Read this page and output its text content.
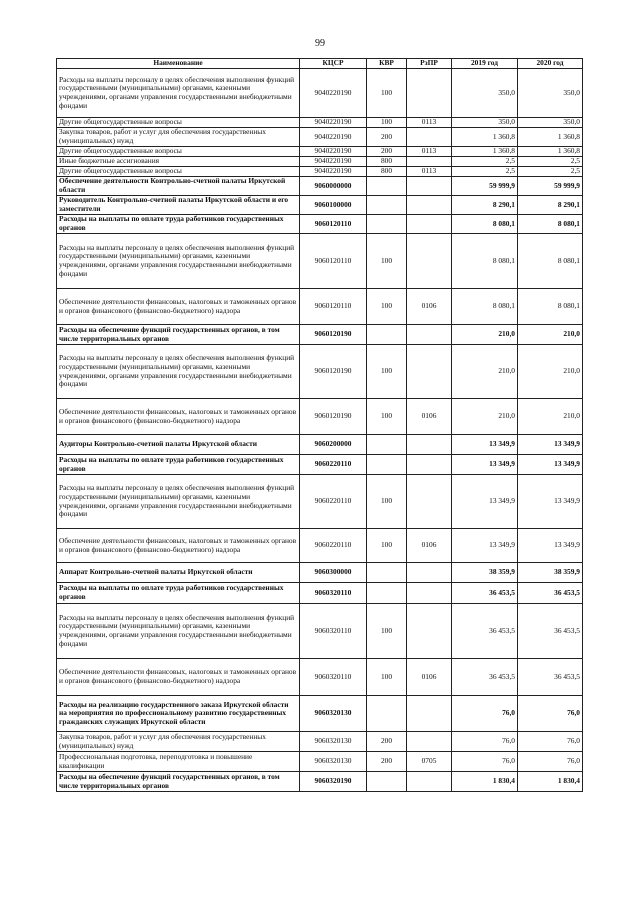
99
Наименование	КЦСР	КВР	РзПР	2019 год	2020 год
Расходы на выплаты персоналу в целях обеспечения выполнения функций государственными (муниципальными) органами, казенными учреждениями, органами управления государственными внебюджетными фондами	9040220190	100		350,0	350,0
Другие общегосударственные вопросы	9040220190	100	0113	350,0	350,0
Закупка товаров, работ и услуг для обеспечения государственных (муниципальных) нужд	9040220190	200		1 360,8	1 360,8
Другие общегосударственные вопросы	9040220190	200	0113	1 360,8	1 360,8
Иные бюджетные ассигнования	9040220190	800		2,5	2,5
Другие общегосударственные вопросы	9040220190	800	0113	2,5	2,5
Обеспечение деятельности Контрольно-счетной палаты Иркутской области	9060000000			59 999,9	59 999,9
Руководитель Контрольно-счетной палаты Иркутской области и его заместители	9060100000			8 290,1	8 290,1
Расходы на выплаты по оплате труда работников государственных органов	9060120110			8 080,1	8 080,1
Расходы на выплаты персоналу в целях обеспечения выполнения функций государственными (муниципальными) органами, казенными учреждениями, органами управления государственными внебюджетными фондами	9060120110	100		8 080,1	8 080,1
Обеспечение деятельности финансовых, налоговых и таможенных органов и органов финансового (финансово-бюджетного) надзора	9060120110	100	0106	8 080,1	8 080,1
Расходы на обеспечение функций государственных органов, в том числе территориальных органов	9060120190			210,0	210,0
Расходы на выплаты персоналу в целях обеспечения выполнения функций государственными (муниципальными) органами, казенными учреждениями, органами управления государственными внебюджетными фондами	9060120190	100		210,0	210,0
Обеспечение деятельности финансовых, налоговых и таможенных органов и органов финансового (финансово-бюджетного) надзора	9060120190	100	0106	210,0	210,0
Аудиторы Контрольно-счетной палаты Иркутской области	9060200000			13 349,9	13 349,9
Расходы на выплаты по оплате труда работников государственных органов	9060220110			13 349,9	13 349,9
Расходы на выплаты персоналу в целях обеспечения выполнения функций государственными (муниципальными) органами, казенными учреждениями, органами управления государственными внебюджетными фондами	9060220110	100		13 349,9	13 349,9
Обеспечение деятельности финансовых, налоговых и таможенных органов и органов финансового (финансово-бюджетного) надзора	9060220110	100	0106	13 349,9	13 349,9
Аппарат Контрольно-счетной палаты Иркутской области	9060300000			38 359,9	38 359,9
Расходы на выплаты по оплате труда работников государственных органов	9060320110			36 453,5	36 453,5
Расходы на выплаты персоналу в целях обеспечения выполнения функций государственными (муниципальными) органами, казенными учреждениями, органами управления государственными внебюджетными фондами	9060320110	100		36 453,5	36 453,5
Обеспечение деятельности финансовых, налоговых и таможенных органов и органов финансового (финансово-бюджетного) надзора	9060320110	100	0106	36 453,5	36 453,5
Расходы на реализацию государственного заказа Иркутской области на мероприятия по профессиональному развитию государственных гражданских служащих Иркутской области	9060320130			76,0	76,0
Закупка товаров, работ и услуг для обеспечения государственных (муниципальных) нужд	9060320130	200		76,0	76,0
Профессиональная подготовка, переподготовка и повышение квалификации	9060320130	200	0705	76,0	76,0
Расходы на обеспечение функций государственных органов, в том числе территориальных органов	9060320190			1 830,4	1 830,4
